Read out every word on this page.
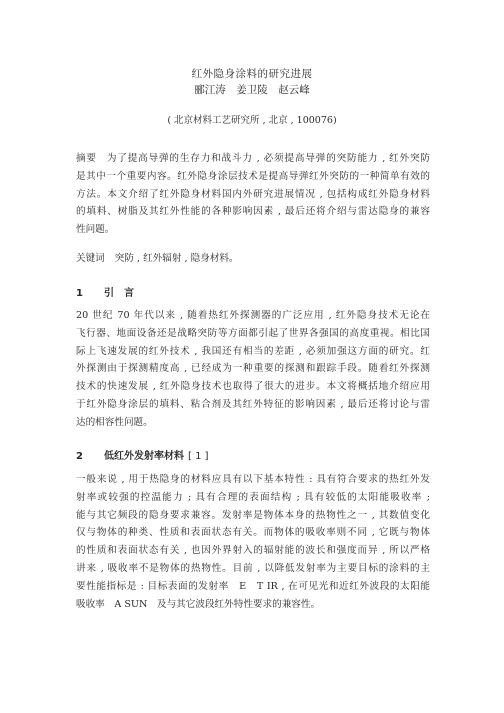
红外隐身涂料的研究进展
郦江涛　姜卫陵　赵云峰
( 北京材料工艺研究所 , 北京 , 100076)
摘要 为了提高导弹的生存力和战斗力 , 必须提高导弹的突防能力 , 红外突防
是其中一个重要内容。红外隐身涂层技术是提高导弹红外突防的一种简单有效的
方法。本文介绍了红外隐身材料国内外研究进展情况 , 包括构成红外隐身材料
的填料、树脂及其红外性能的各种影响因素 , 最后还将介绍与雷达隐身的兼容
性问题。
关键词 突防 , 红外辐射 , 隐身材料。
1 引　言
20 世纪 70 年代以来 , 随着热红外探测器的广泛应用 , 红外隐身技术无论在
飞行器、地面设备还是战略突防等方面都引起了世界各强国的高度重视。相比国
际上飞速发展的红外技术 , 我国还有相当的差距 , 必须加强这方面的研究。红
外探测由于探测精度高 , 已经成为一种重要的探测和跟踪手段。随着红外探测
技术的快速发展 , 红外隐身技术也取得了很大的进步。本文将概括地介绍应用
于红外隐身涂层的填料、粘合剂及其红外特征的影响因素 , 最后还将讨论与雷
达的相容性问题。
2 低红外发射率材料 [ 1 ]
一般来说 , 用于热隐身的材料应具有以下基本特性 : 具有符合要求的热红外发
射率或较强的控温能力 ; 具有合理的表面结构 ; 具有较低的太阳能吸收率 ;
能与其它频段的隐身要求兼容。发射率是物体本身的热物性之一 , 其数值变化
仅与物体的种类、性质和表面状态有关。而物体的吸收率则不同 , 它既与物体
的性质和表面状态有关 , 也因外界射入的辐射能的波长和强度而异 , 所以严格
讲来 , 吸收率不是物体的热物性。目前 , 以降低发射率为主要目标的涂料的主
要性能指标是 : 目标表面的发射率　E　T IR , 在可见光和近红外波段的太阳能
吸收率　A SUN　及与其它波段红外特性要求的兼容性。
